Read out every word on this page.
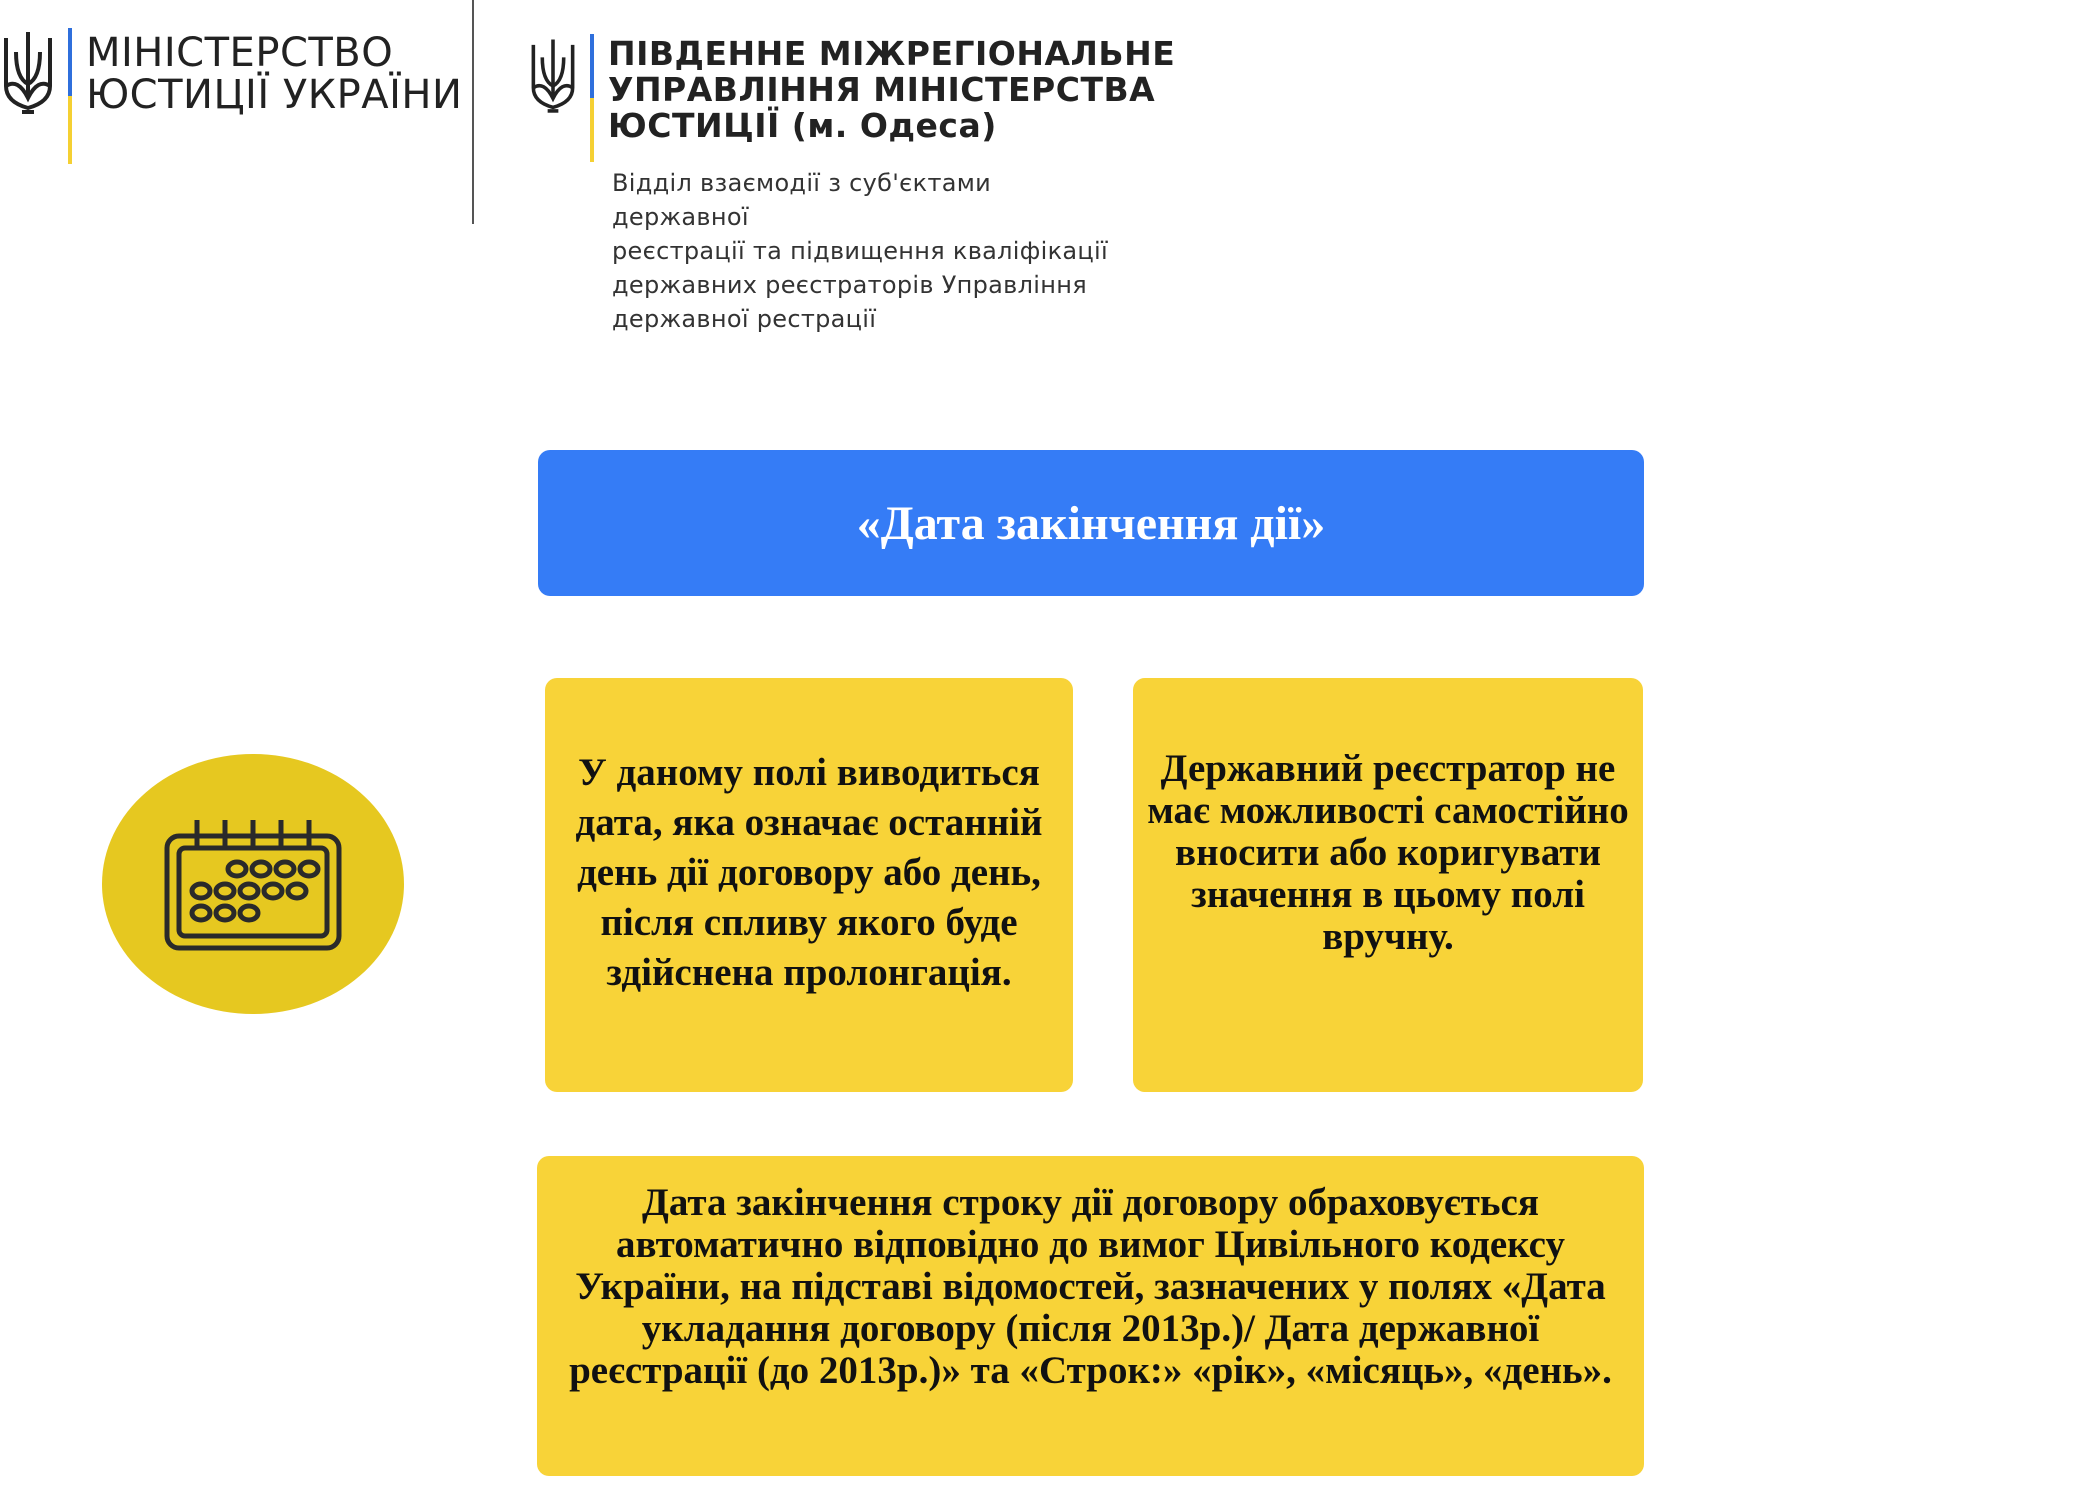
МІНІСТЕРСТВО
ЮСТИЦІЇ УКРАЇНИ
ПІВДЕННЕ МІЖРЕГІОНАЛЬНЕ
УПРАВЛІННЯ МІНІСТЕРСТВА
ЮСТИЦІЇ (м. Одеса)
Відділ взаємодії з суб'єктами державної
реєстрації та підвищення кваліфікації
державних реєстраторів Управління
державної рестрації
«Дата закінчення дії»
У даному полі виводиться дата, яка означає останній день дії договору або день, після спливу якого буде здійснена пролонгація.
Державний реєстратор не має можливості самостійно вносити або коригувати значення в цьому полі вручну.
Дата закінчення строку дії договору обраховується автоматично відповідно до вимог Цивільного кодексу України, на підставі відомостей, зазначених у полях «Дата укладання договору (після 2013р.)/ Дата державної реєстрації (до 2013р.)» та «Строк:» «рік», «місяць», «день».
